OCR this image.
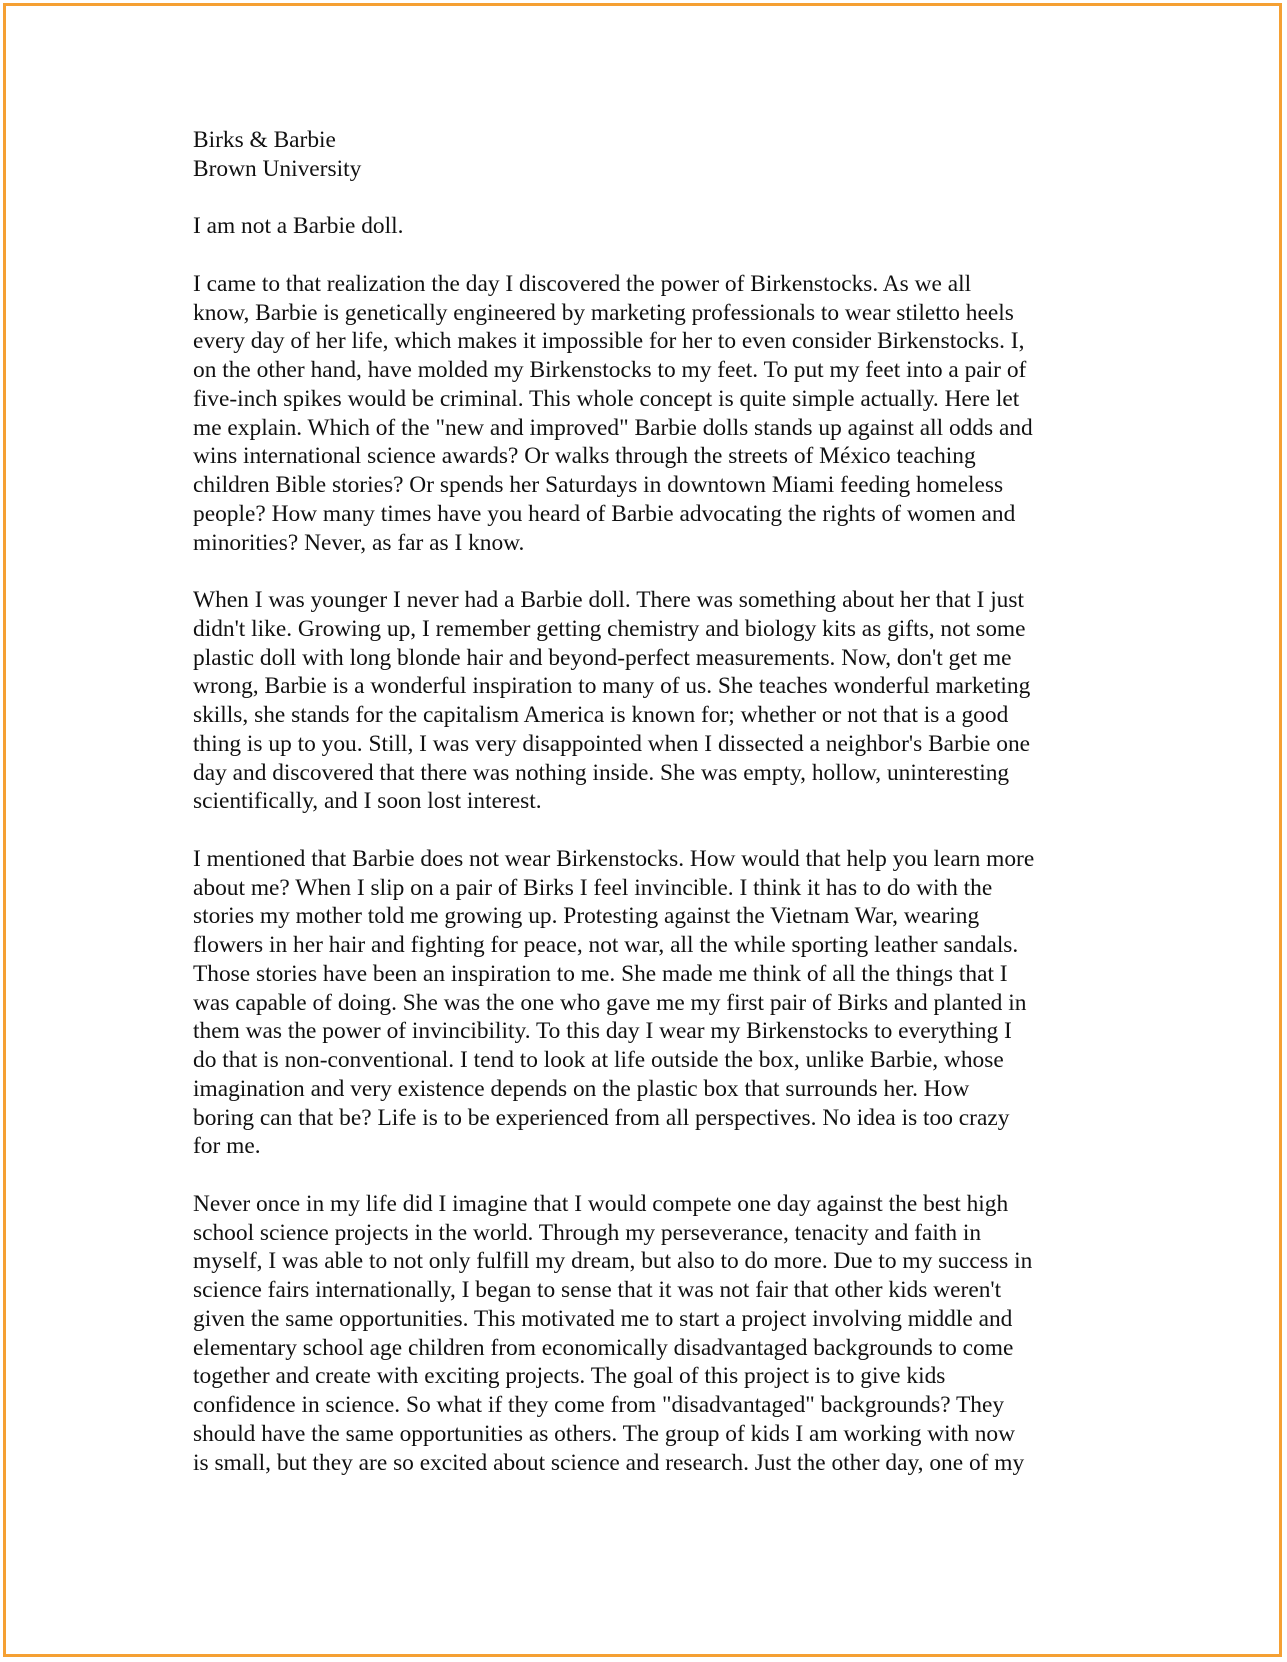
Birks & Barbie
Brown University
I am not a Barbie doll.
I came to that realization the day I discovered the power of Birkenstocks. As we all
know, Barbie is genetically engineered by marketing professionals to wear stiletto heels
every day of her life, which makes it impossible for her to even consider Birkenstocks. I,
on the other hand, have molded my Birkenstocks to my feet. To put my feet into a pair of
five-inch spikes would be criminal. This whole concept is quite simple actually. Here let
me explain. Which of the "new and improved" Barbie dolls stands up against all odds and
wins international science awards? Or walks through the streets of México teaching
children Bible stories? Or spends her Saturdays in downtown Miami feeding homeless
people? How many times have you heard of Barbie advocating the rights of women and
minorities? Never, as far as I know.
When I was younger I never had a Barbie doll. There was something about her that I just
didn't like. Growing up, I remember getting chemistry and biology kits as gifts, not some
plastic doll with long blonde hair and beyond-perfect measurements. Now, don't get me
wrong, Barbie is a wonderful inspiration to many of us. She teaches wonderful marketing
skills, she stands for the capitalism America is known for; whether or not that is a good
thing is up to you. Still, I was very disappointed when I dissected a neighbor's Barbie one
day and discovered that there was nothing inside. She was empty, hollow, uninteresting
scientifically, and I soon lost interest.
I mentioned that Barbie does not wear Birkenstocks. How would that help you learn more
about me? When I slip on a pair of Birks I feel invincible. I think it has to do with the
stories my mother told me growing up. Protesting against the Vietnam War, wearing
flowers in her hair and fighting for peace, not war, all the while sporting leather sandals.
Those stories have been an inspiration to me. She made me think of all the things that I
was capable of doing. She was the one who gave me my first pair of Birks and planted in
them was the power of invincibility. To this day I wear my Birkenstocks to everything I
do that is non-conventional. I tend to look at life outside the box, unlike Barbie, whose
imagination and very existence depends on the plastic box that surrounds her. How
boring can that be? Life is to be experienced from all perspectives. No idea is too crazy
for me.
Never once in my life did I imagine that I would compete one day against the best high
school science projects in the world. Through my perseverance, tenacity and faith in
myself, I was able to not only fulfill my dream, but also to do more. Due to my success in
science fairs internationally, I began to sense that it was not fair that other kids weren't
given the same opportunities. This motivated me to start a project involving middle and
elementary school age children from economically disadvantaged backgrounds to come
together and create with exciting projects. The goal of this project is to give kids
confidence in science. So what if they come from "disadvantaged" backgrounds? They
should have the same opportunities as others. The group of kids I am working with now
is small, but they are so excited about science and research. Just the other day, one of my
